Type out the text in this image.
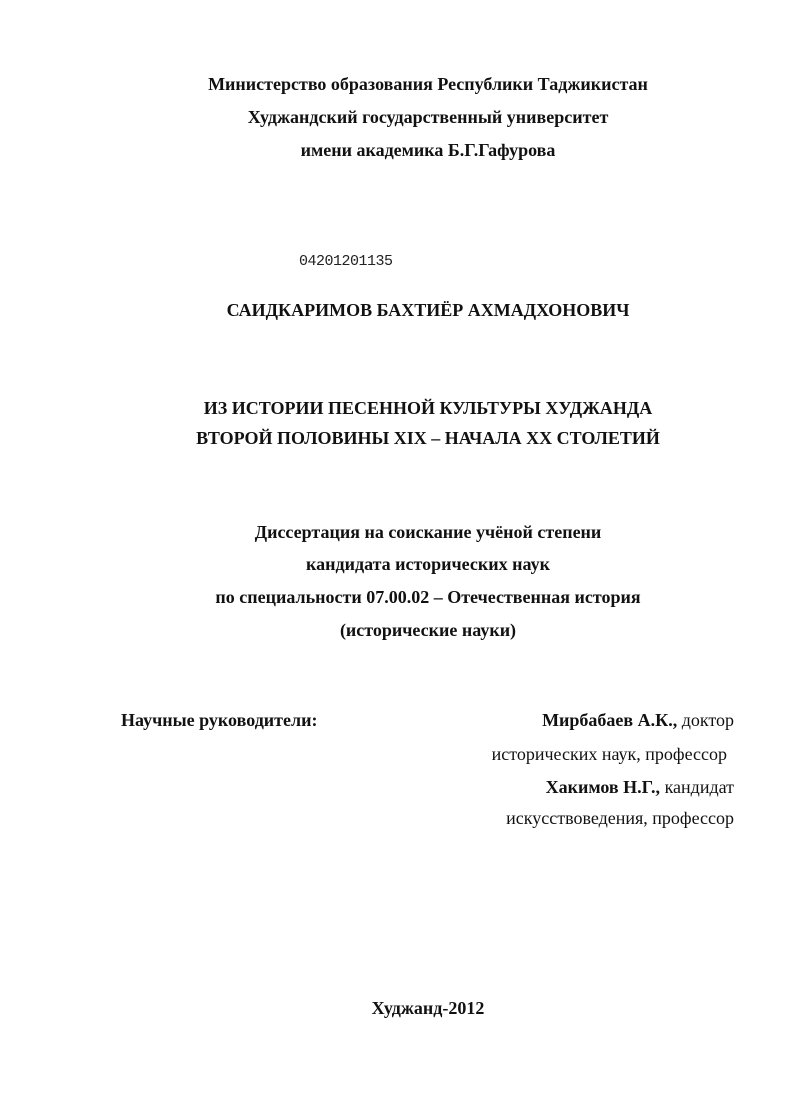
Министерство образования Республики Таджикистан
Худжандский государственный университет
имени академика Б.Г.Гафурова
04201201135
САИДКАРИМОВ БАХТИЁР АХМАДХОНОВИЧ
ИЗ ИСТОРИИ ПЕСЕННОЙ КУЛЬТУРЫ ХУДЖАНДА
ВТОРОЙ ПОЛОВИНЫ XIX – НАЧАЛА XX СТОЛЕТИЙ
Диссертация на соискание учёной степени
кандидата исторических наук
по специальности 07.00.02 – Отечественная история
(исторические науки)
Научные руководители:	Мирбабаев А.К., доктор
исторических наук, профессор
Хакимов Н.Г., кандидат
искусствоведения, профессор
Худжанд-2012
